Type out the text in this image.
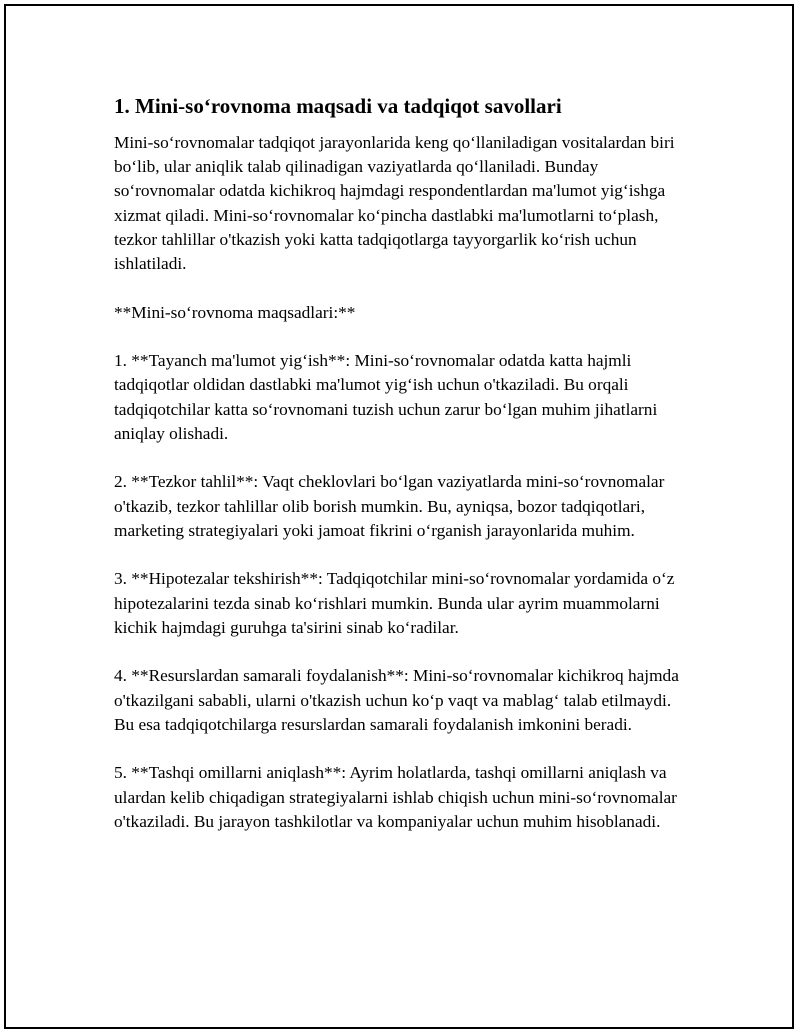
1. Mini-so‘rovnoma maqsadi va tadqiqot savollari

Mini-so‘rovnomalar tadqiqot jarayonlarida keng qo‘llaniladigan vositalardan biri bo‘lib, ular aniqlik talab qilinadigan vaziyatlarda qo‘llaniladi. Bunday so‘rovnomalar odatda kichikroq hajmdagi respondentlardan ma'lumot yig‘ishga xizmat qiladi. Mini-so‘rovnomalar ko‘pincha dastlabki ma'lumotlarni to‘plash, tezkor tahlillar o'tkazish yoki katta tadqiqotlarga tayyorgarlik ko‘rish uchun ishlatiladi.

**Mini-so‘rovnoma maqsadlari:**

1. **Tayanch ma'lumot yig‘ish**: Mini-so‘rovnomalar odatda katta hajmli tadqiqotlar oldidan dastlabki ma'lumot yig‘ish uchun o'tkaziladi. Bu orqali tadqiqotchilar katta so‘rovnomani tuzish uchun zarur bo‘lgan muhim jihatlarni aniqlay olishadi.

2. **Tezkor tahlil**: Vaqt cheklovlari bo‘lgan vaziyatlarda mini-so‘rovnomalar o'tkazib, tezkor tahlillar olib borish mumkin. Bu, ayniqsa, bozor tadqiqotlari, marketing strategiyalari yoki jamoat fikrini o‘rganish jarayonlarida muhim.

3. **Hipotezalar tekshirish**: Tadqiqotchilar mini-so‘rovnomalar yordamida o‘z hipotezalarini tezda sinab ko‘rishlari mumkin. Bunda ular ayrim muammolarni kichik hajmdagi guruhga ta'sirini sinab ko‘radilar.

4. **Resurslardan samarali foydalanish**: Mini-so‘rovnomalar kichikroq hajmda o'tkazilgani sababli, ularni o'tkazish uchun ko‘p vaqt va mablag‘ talab etilmaydi. Bu esa tadqiqotchilarga resurslardan samarali foydalanish imkonini beradi.

5. **Tashqi omillarni aniqlash**: Ayrim holatlarda, tashqi omillarni aniqlash va ulardan kelib chiqadigan strategiyalarni ishlab chiqish uchun mini-so‘rovnomalar o'tkaziladi. Bu jarayon tashkilotlar va kompaniyalar uchun muhim hisoblanadi.
